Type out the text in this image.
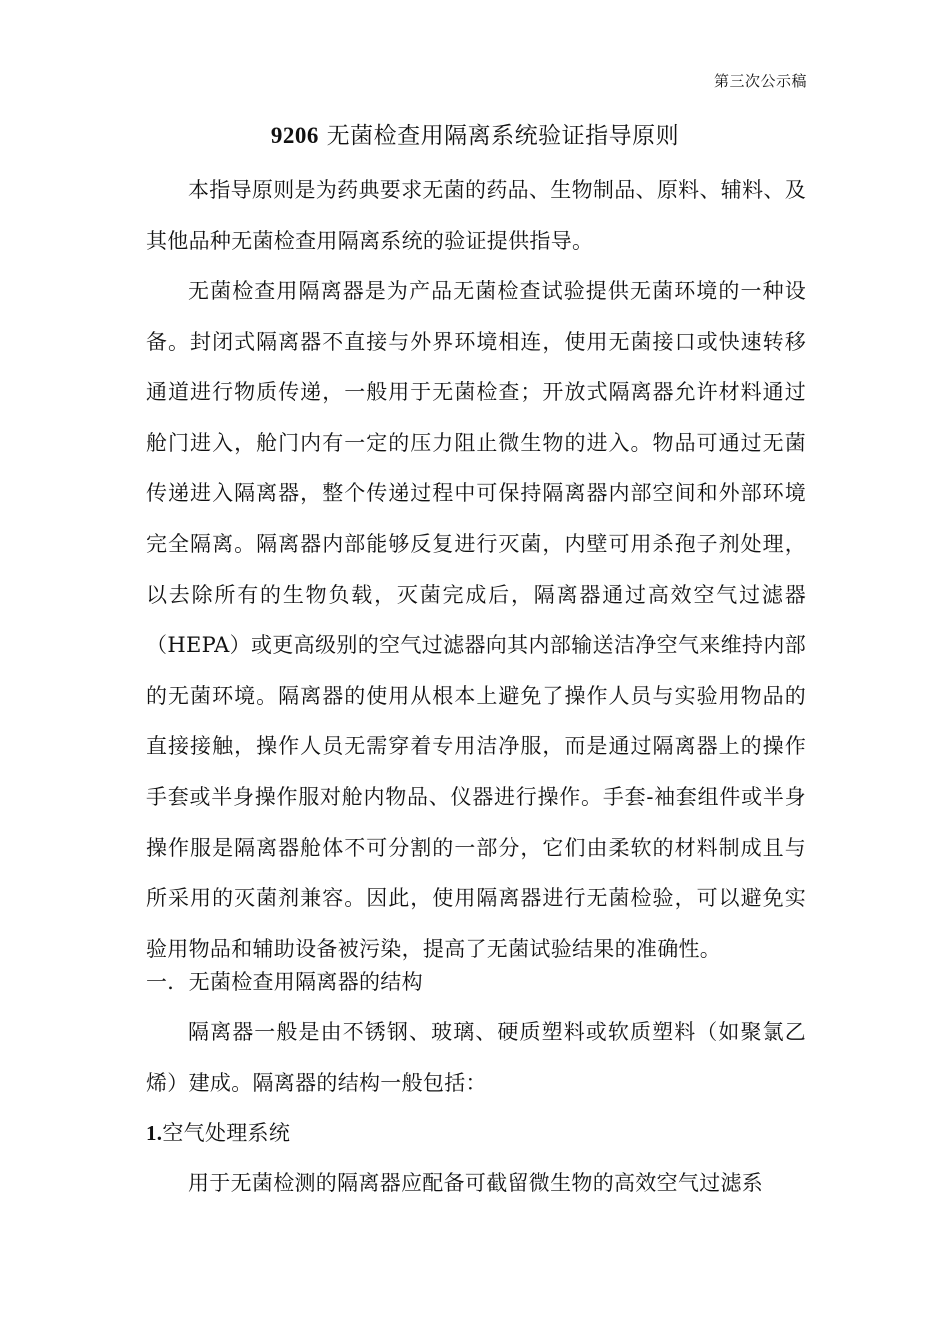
第三次公示稿
9206 无菌检查用隔离系统验证指导原则

本指导原则是为药典要求无菌的药品、生物制品、原料、辅料、及其他品种无菌检查用隔离系统的验证提供指导。

无菌检查用隔离器是为产品无菌检查试验提供无菌环境的一种设备。封闭式隔离器不直接与外界环境相连，使用无菌接口或快速转移通道进行物质传递，一般用于无菌检查；开放式隔离器允许材料通过舱门进入，舱门内有一定的压力阻止微生物的进入。物品可通过无菌传递进入隔离器，整个传递过程中可保持隔离器内部空间和外部环境完全隔离。隔离器内部能够反复进行灭菌，内壁可用杀孢子剂处理，以去除所有的生物负载，灭菌完成后，隔离器通过高效空气过滤器（HEPA）或更高级别的空气过滤器向其内部输送洁净空气来维持内部的无菌环境。隔离器的使用从根本上避免了操作人员与实验用物品的直接接触，操作人员无需穿着专用洁净服，而是通过隔离器上的操作手套或半身操作服对舱内物品、仪器进行操作。手套-袖套组件或半身操作服是隔离器舱体不可分割的一部分，它们由柔软的材料制成且与所采用的灭菌剂兼容。因此，使用隔离器进行无菌检验，可以避免实验用物品和辅助设备被污染，提高了无菌试验结果的准确性。

一．无菌检查用隔离器的结构

隔离器一般是由不锈钢、玻璃、硬质塑料或软质塑料（如聚氯乙烯）建成。隔离器的结构一般包括：

1.空气处理系统

用于无菌检测的隔离器应配备可截留微生物的高效空气过滤系
